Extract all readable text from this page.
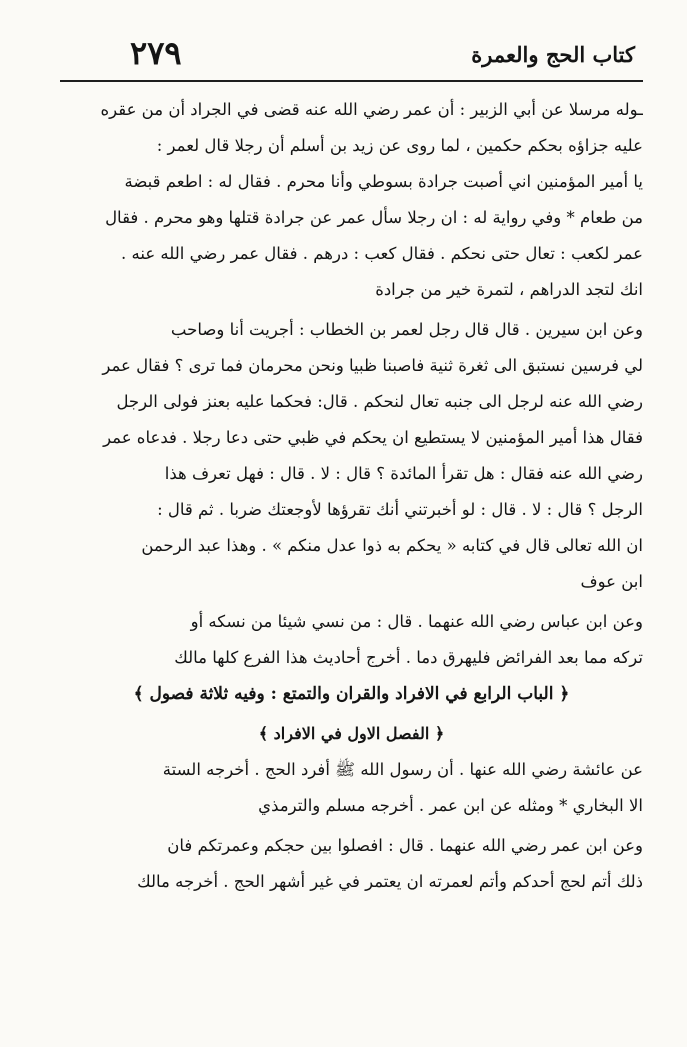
كتاب الحج والعمرة
٢٧٩
ـوله مرسلا عن أبي الزبير : أن عمر رضي الله عنه قضى في الجراد أن من عقره
عليه جزاؤه بحكم حكمين ، لما روى عن زيد بن أسلم أن رجلا قال لعمر :
يا أمير المؤمنين اني أصبت جرادة بسوطي وأنا محرم . فقال له : اطعم قبضة
من طعام * وفي رواية له : ان رجلا سأل عمر عن جرادة قتلها وهو محرم . فقال
عمر لكعب : تعال حتى نحكم . فقال كعب : درهم . فقال عمر رضي الله عنه .
انك لتجد الدراهم ، لتمرة خير من جرادة
وعن ابن سيرين . قال قال رجل لعمر بن الخطاب : أجريت أنا وصاحب
لي فرسين نستبق الى ثغرة ثنية فاصبنا ظبيا ونحن محرمان فما ترى ؟ فقال عمر
رضي الله عنه لرجل الى جنبه تعال لنحكم . قال: فحكما عليه بعنز فولى الرجل
فقال هذا أمير المؤمنين لا يستطيع ان يحكم في ظبي حتى دعا رجلا . فدعاه عمر
رضي الله عنه فقال : هل تقرأ المائدة ؟ قال : لا . قال : فهل تعرف هذا
الرجل ؟ قال : لا . قال : لو أخبرتني أنك تقرؤها لأوجعتك ضربا . ثم قال :
ان الله تعالى قال في كتابه « يحكم به ذوا عدل منكم » . وهذا عبد الرحمن
ابن عوف
وعن ابن عباس رضي الله عنهما . قال : من نسي شيئا من نسكه أو
تركه مما بعد الفرائض فليهرق دما . أخرج أحاديث هذا الفرع كلها مالك
﴿ الباب الرابع في الافراد والقران والتمتع : وفيه ثلاثة فصول ﴾
﴿ الفصل الاول في الافراد ﴾
عن عائشة رضي الله عنها . أن رسول الله ﷺ أفرد الحج . أخرجه الستة
الا البخاري * ومثله عن ابن عمر . أخرجه مسلم والترمذي
وعن ابن عمر رضي الله عنهما . قال : افصلوا بين حجكم وعمرتكم فان
ذلك أتم لحج أحدكم وأتم لعمرته ان يعتمر في غير أشهر الحج . أخرجه مالك
